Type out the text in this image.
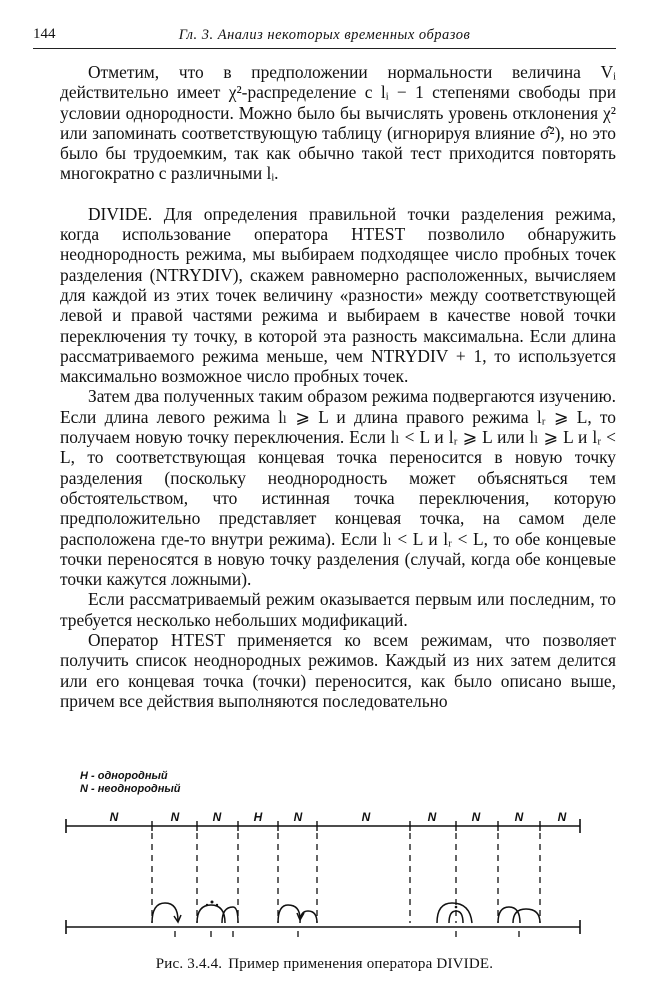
144	Гл. 3. Анализ некоторых временных образов

Отметим, что в предположении нормальности величина Vᵢ действительно имеет χ²-распределение с lᵢ − 1 степенями свободы при условии однородности. Можно было бы вычислять уровень отклонения χ² или запоминать соответствующую таблицу (игнорируя влияние σ̂²), но это было бы трудоемким, так как обычно такой тест приходится повторять многократно с различными lᵢ.

DIVIDE. Для определения правильной точки разделения режима, когда использование оператора HTEST позволило обнаружить неоднородность режима, мы выбираем подходящее число пробных точек разделения (NTRYDIV), скажем равномерно расположенных, вычисляем для каждой из этих точек величину «разности» между соответствующей левой и правой частями режима и выбираем в качестве новой точки переключения ту точку, в которой эта разность максимальна. Если длина рассматриваемого режима меньше, чем NTRYDIV + 1, то используется максимально возможное число пробных точек.

Затем два полученных таким образом режима подвергаются изучению. Если длина левого режима lₗ ⩾ L и длина правого режима lᵣ ⩾ L, то получаем новую точку переключения. Если lₗ < L и lᵣ ⩾ L или lₗ ⩾ L и lᵣ < L, то соответствующая концевая точка переносится в новую точку разделения (поскольку неоднородность может объясняться тем обстоятельством, что истинная точка переключения, которую предположительно представляет концевая точка, на самом деле расположена где-то внутри режима). Если lₗ < L и lᵣ < L, то обе концевые точки переносятся в новую точку разделения (случай, когда обе концевые точки кажутся ложными).

Если рассматриваемый режим оказывается первым или последним, то требуется несколько небольших модификаций.

Оператор HTEST применяется ко всем режимам, что позволяет получить список неоднородных режимов. Каждый из них затем делится или его концевая точка (точки) переносится, как было описано выше, причем все действия выполняются последовательно

H - однородный
N - неоднородный
N	N	N	H	N	N	N	N	N	N
Рис. 3.4.4. Пример применения оператора DIVIDE.
